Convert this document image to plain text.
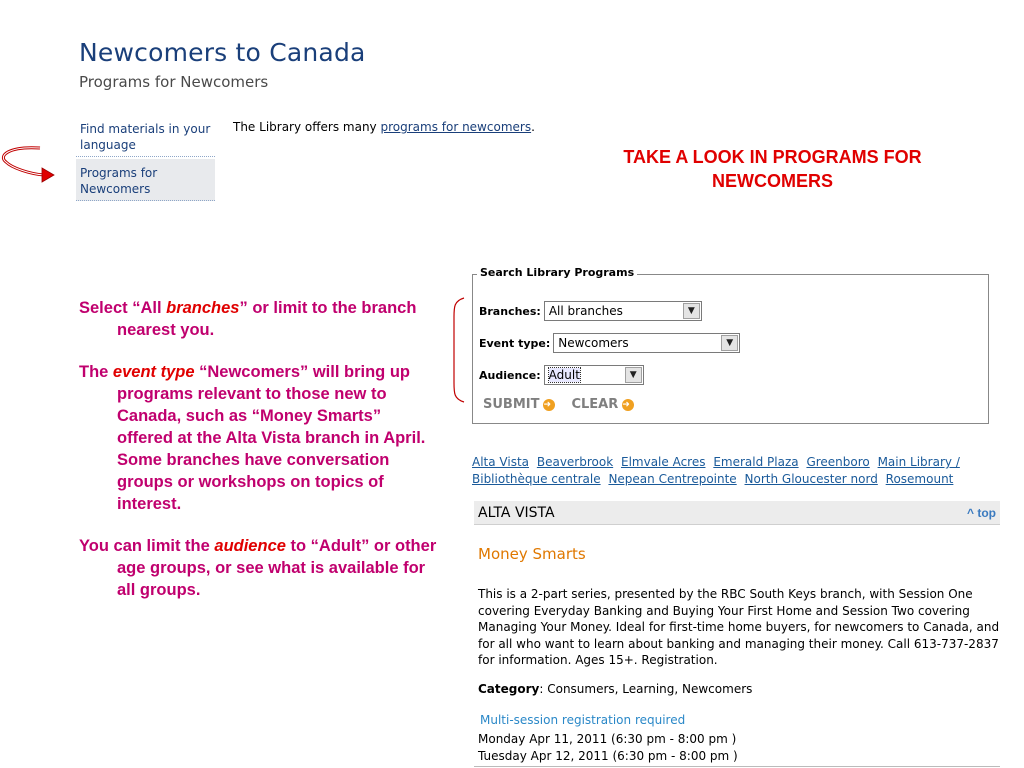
Newcomers to Canada
Programs for Newcomers
Find materials in your language
Programs for Newcomers
The Library offers many programs for newcomers.
TAKE A LOOK IN PROGRAMS FOR NEWCOMERS

Select “All branches” or limit to the branch nearest you.

The event type “Newcomers” will bring up programs relevant to those new to Canada, such as “Money Smarts” offered at the Alta Vista branch in April. Some branches have conversation groups or workshops on topics of interest.

You can limit the audience to “Adult” or other age groups, or see what is available for all groups.

Search Library Programs
Branches: All branches	▼
Event type: Newcomers	▼
Audience: Adult	▼
SUBMIT ➜	CLEAR ➜
Alta Vista Beaverbrook Elmvale Acres Emerald Plaza Greenboro Main Library / Bibliothèque centrale Nepean Centrepointe North Gloucester nord Rosemount
ALTA VISTA	^ top
Money Smarts
This is a 2-part series, presented by the RBC South Keys branch, with Session One covering Everyday Banking and Buying Your First Home and Session Two covering Managing Your Money. Ideal for first-time home buyers, for newcomers to Canada, and for all who want to learn about banking and managing their money. Call 613-737-2837 for information. Ages 15+. Registration.
Category: Consumers, Learning, Newcomers
Multi-session registration required
Monday Apr 11, 2011 (6:30 pm - 8:00 pm )
Tuesday Apr 12, 2011 (6:30 pm - 8:00 pm )
